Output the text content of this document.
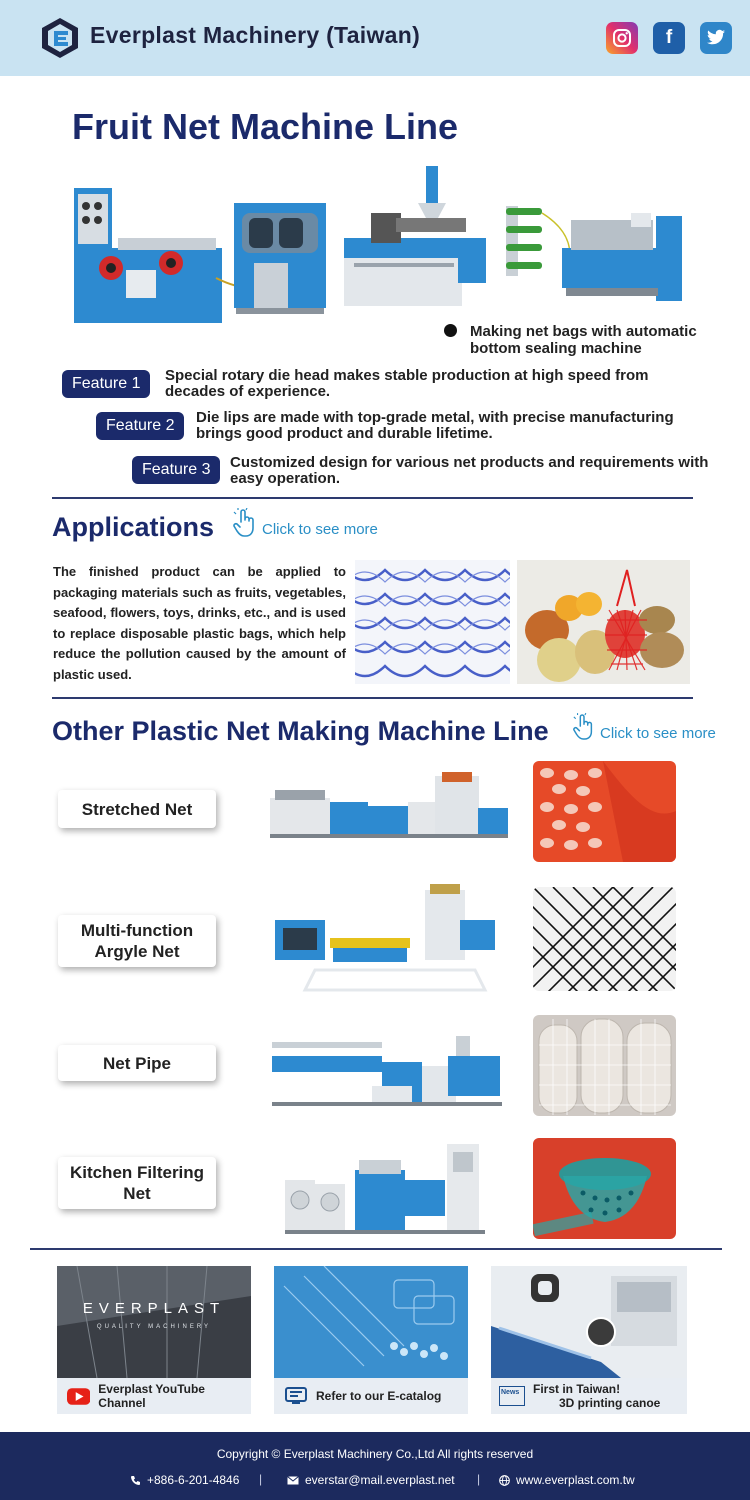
Everplast Machinery (Taiwan)	f
Fruit Net Machine Line
Making net bags with automatic bottom sealing machine
Feature 1	Special rotary die head makes stable production at high speed from decades of experience.
Feature 2	Die lips are made with top-grade metal, with precise manufacturing brings good product and durable lifetime.
Feature 3	Customized design for various net products and requirements with easy operation.
Applications	Click to see more
The finished product can be applied to packaging materials such as fruits, vegetables, seafood, flowers, toys, drinks, etc., and is used to replace disposable plastic bags, which help reduce the pollution caused by the amount of plastic used.
Other Plastic Net Making Machine Line	Click to see more
Stretched Net
Multi-function Argyle Net
Net Pipe
Kitchen Filtering Net
EVERPLAST
QUALITY MACHINERY
Everplast YouTube Channel	Refer to our E-catalog	News	First in Taiwan!
3D printing canoe
Copyright © Everplast Machinery Co.,Ltd All rights reserved
+886-6-201-4846 |	everstar@mail.everplast.net |	www.everplast.com.tw
